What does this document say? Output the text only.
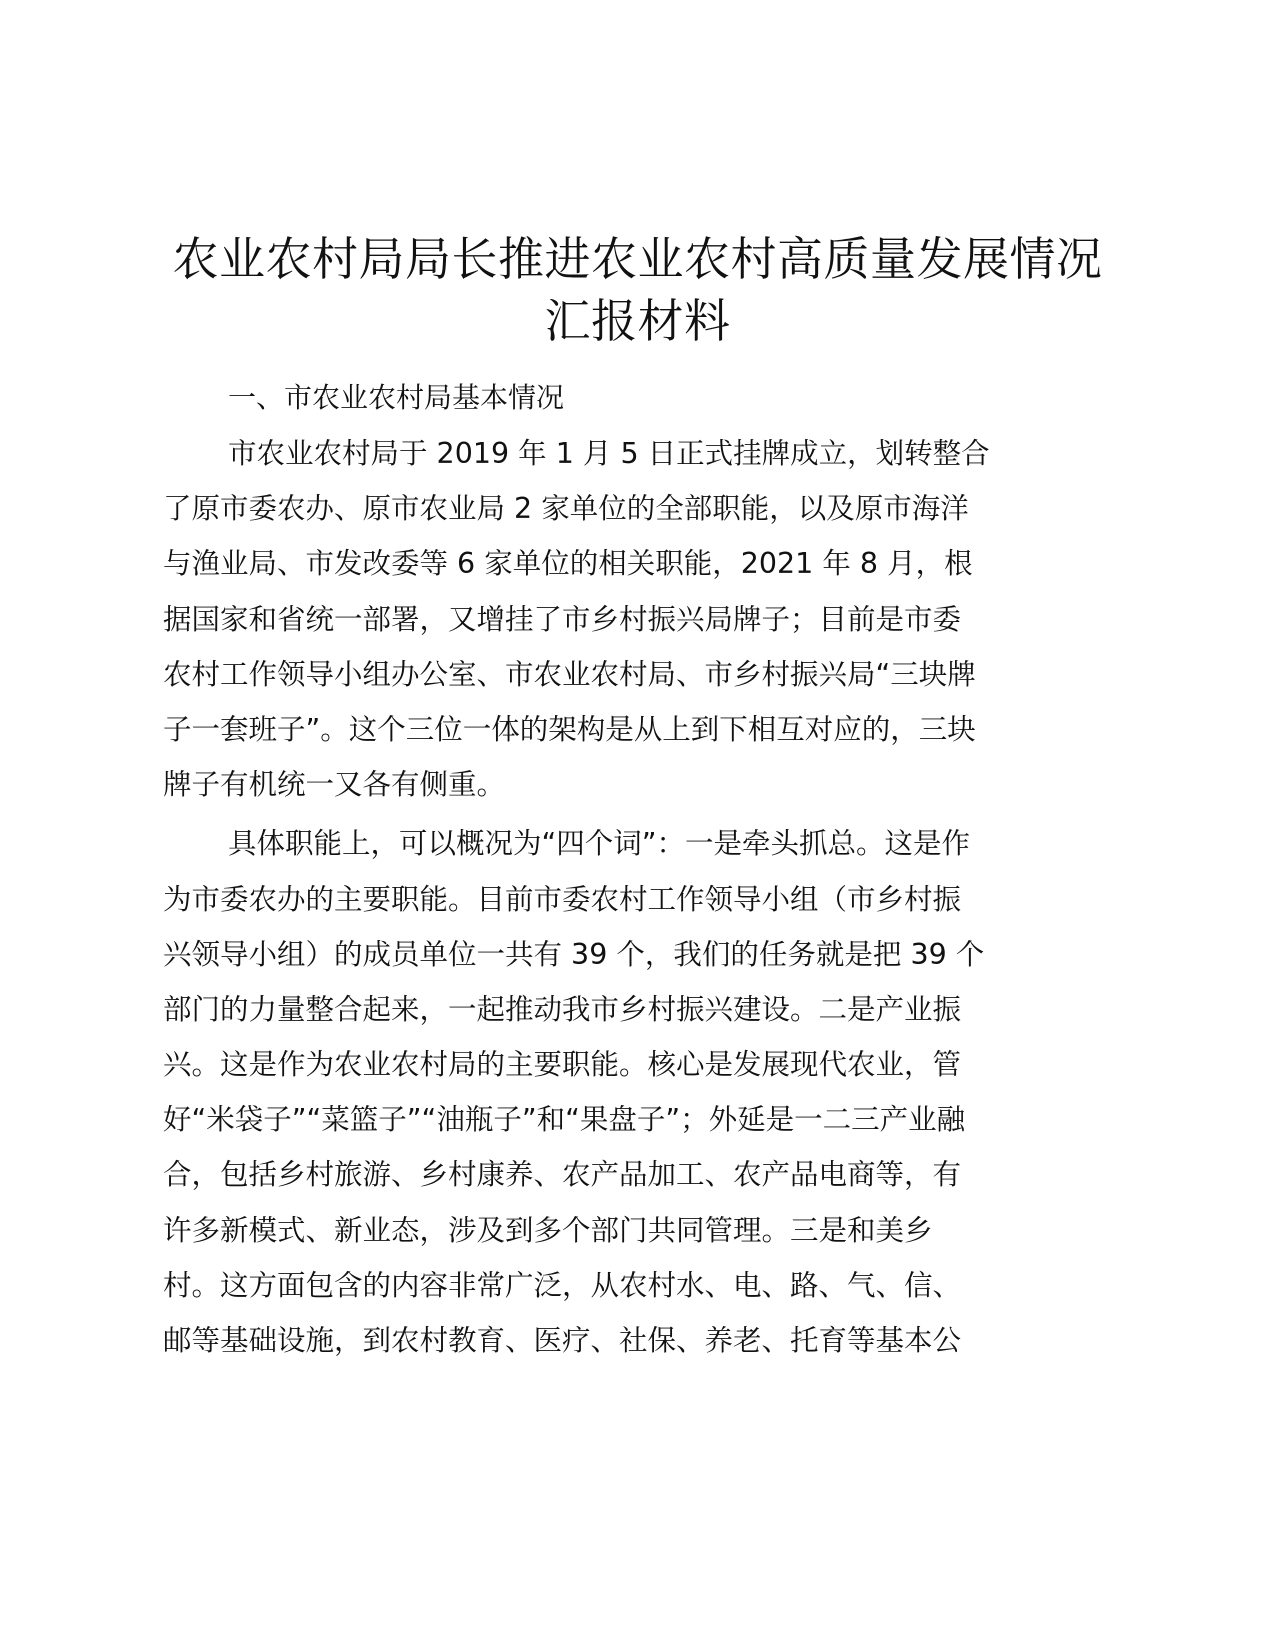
农业农村局局长推进农业农村高质量发展情况
汇报材料
一、市农业农村局基本情况
市农业农村局于 2019 年 1 月 5 日正式挂牌成立，划转整合
了原市委农办、原市农业局 2 家单位的全部职能，以及原市海洋
与渔业局、市发改委等 6 家单位的相关职能，2021 年 8 月，根
据国家和省统一部署，又增挂了市乡村振兴局牌子；目前是市委
农村工作领导小组办公室、市农业农村局、市乡村振兴局“三块牌
子一套班子”。这个三位一体的架构是从上到下相互对应的，三块
牌子有机统一又各有侧重。
具体职能上，可以概况为“四个词”：一是牵头抓总。这是作
为市委农办的主要职能。目前市委农村工作领导小组（市乡村振
兴领导小组）的成员单位一共有 39 个，我们的任务就是把 39 个
部门的力量整合起来，一起推动我市乡村振兴建设。二是产业振
兴。这是作为农业农村局的主要职能。核心是发展现代农业，管
好“米袋子”“菜篮子”“油瓶子”和“果盘子”；外延是一二三产业融
合，包括乡村旅游、乡村康养、农产品加工、农产品电商等，有
许多新模式、新业态，涉及到多个部门共同管理。三是和美乡
村。这方面包含的内容非常广泛，从农村水、电、路、气、信、
邮等基础设施，到农村教育、医疗、社保、养老、托育等基本公
